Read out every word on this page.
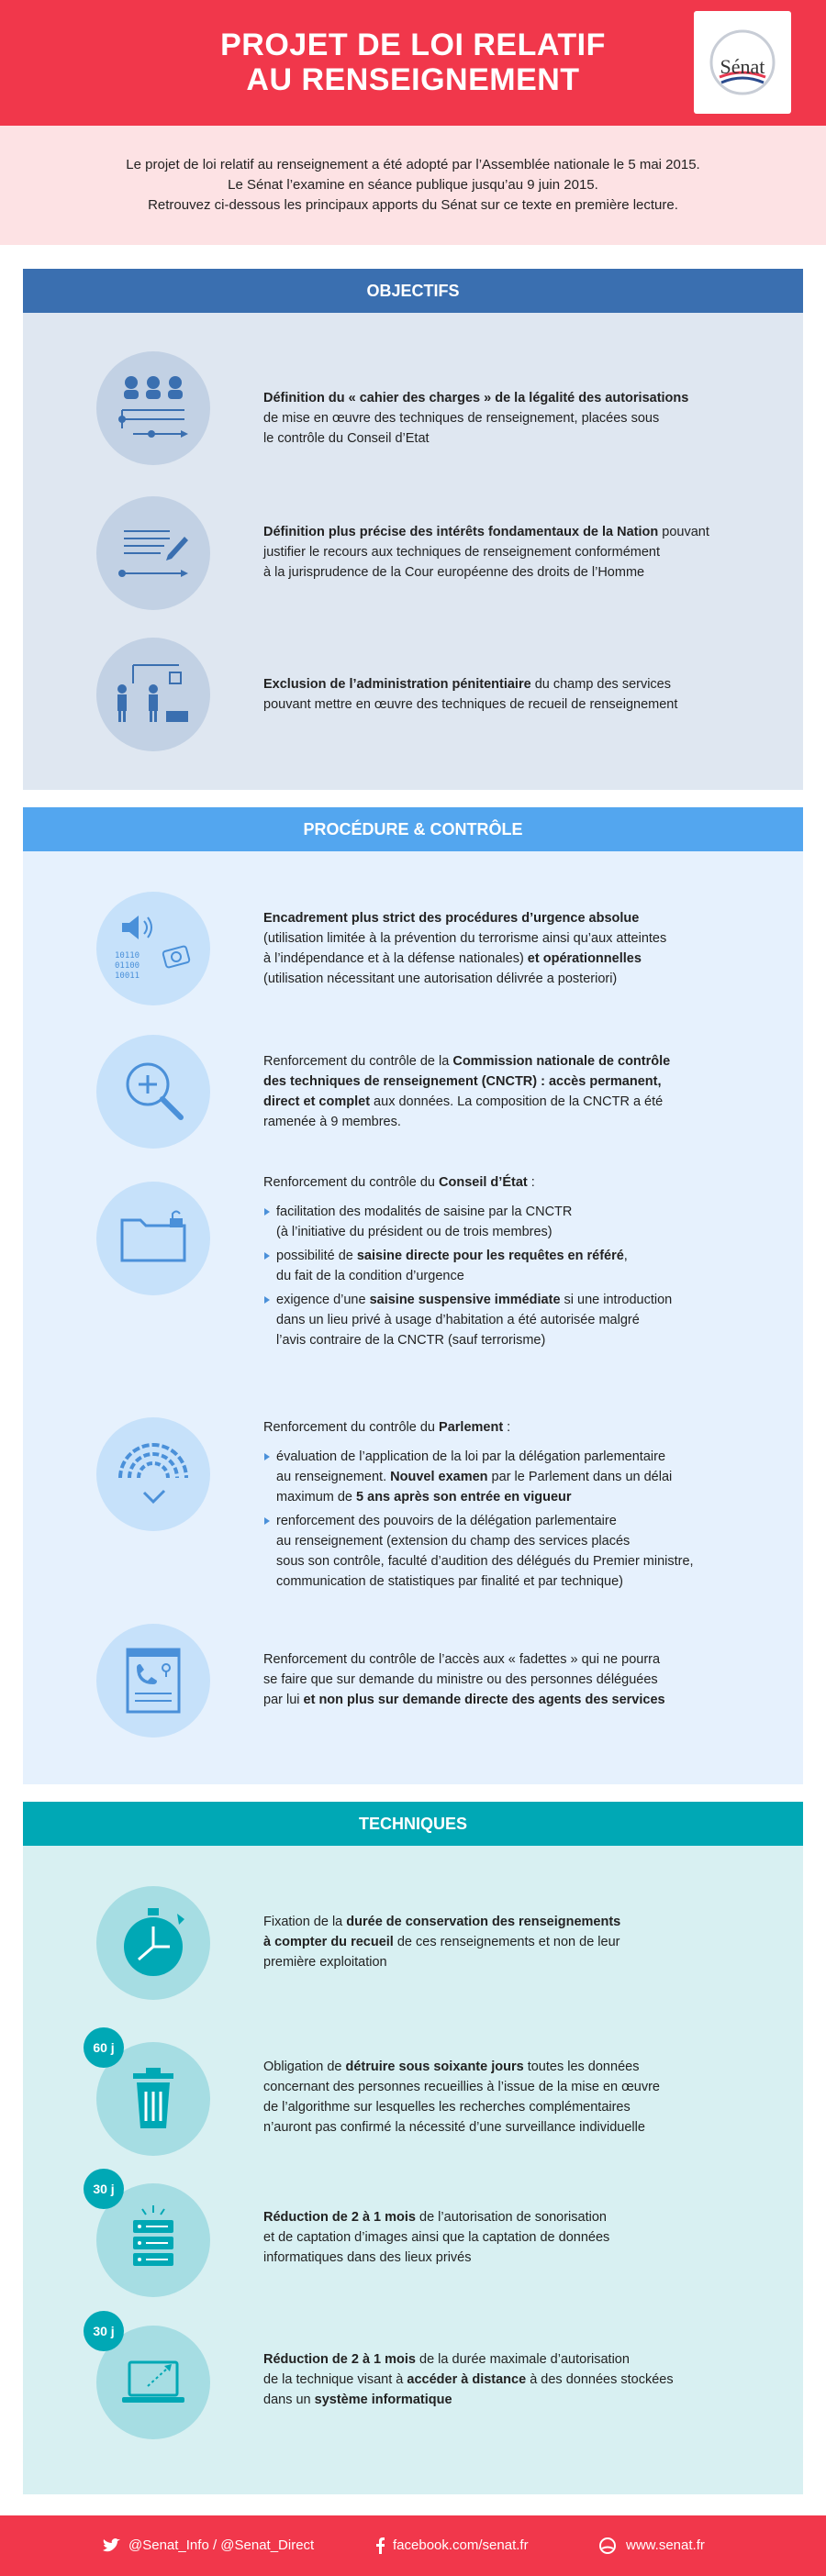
PROJET DE LOI RELATIF
AU RENSEIGNEMENT	Sénat
Le projet de loi relatif au renseignement a été adopté par l’Assemblée nationale le 5 mai 2015.
Le Sénat l’examine en séance publique jusqu’au 9 juin 2015.
Retrouvez ci-dessous les principaux apports du Sénat sur ce texte en première lecture.
OBJECTIFS
Définition du « cahier des charges » de la légalité des autorisations
de mise en œuvre des techniques de renseignement, placées sous
le contrôle du Conseil d’Etat
Définition plus précise des intérêts fondamentaux de la Nation pouvant
justifier le recours aux techniques de renseignement conformément
à la jurisprudence de la Cour européenne des droits de l’Homme
Exclusion de l’administration pénitentiaire du champ des services
pouvant mettre en œuvre des techniques de recueil de renseignement
PROCÉDURE & CONTRÔLE
10110
01100
10011
Encadrement plus strict des procédures d’urgence absolue
(utilisation limitée à la prévention du terrorisme ainsi qu’aux atteintes
à l’indépendance et à la défense nationales) et opérationnelles
(utilisation nécessitant une autorisation délivrée a posteriori)
Renforcement du contrôle de la Commission nationale de contrôle
des techniques de renseignement (CNCTR) : accès permanent,
direct et complet aux données. La composition de la CNCTR a été
ramenée à 9 membres.
Renforcement du contrôle du Conseil d’État :
facilitation des modalités de saisine par la CNCTR
(à l’initiative du président ou de trois membres)
possibilité de saisine directe pour les requêtes en référé,
du fait de la condition d’urgence
exigence d’une saisine suspensive immédiate si une introduction
dans un lieu privé à usage d’habitation a été autorisée malgré
l’avis contraire de la CNCTR (sauf terrorisme)
Renforcement du contrôle du Parlement :
évaluation de l’application de la loi par la délégation parlementaire
au renseignement. Nouvel examen par le Parlement dans un délai
maximum de 5 ans après son entrée en vigueur
renforcement des pouvoirs de la délégation parlementaire
au renseignement (extension du champ des services placés
sous son contrôle, faculté d’audition des délégués du Premier ministre,
communication de statistiques par finalité et par technique)
Renforcement du contrôle de l’accès aux « fadettes » qui ne pourra
se faire que sur demande du ministre ou des personnes déléguées
par lui et non plus sur demande directe des agents des services
TECHNIQUES
Fixation de la durée de conservation des renseignements
à compter du recueil de ces renseignements et non de leur
première exploitation
60 j
Obligation de détruire sous soixante jours toutes les données
concernant des personnes recueillies à l’issue de la mise en œuvre
de l’algorithme sur lesquelles les recherches complémentaires
n’auront pas confirmé la nécessité d’une surveillance individuelle
30 j
Réduction de 2 à 1 mois de l’autorisation de sonorisation
et de captation d’images ainsi que la captation de données
informatiques dans des lieux privés
30 j
Réduction de 2 à 1 mois de la durée maximale d’autorisation
de la technique visant à accéder à distance à des données stockées
dans un système informatique
@Senat_Info / @Senat_Direct	facebook.com/senat.fr	www.senat.fr
